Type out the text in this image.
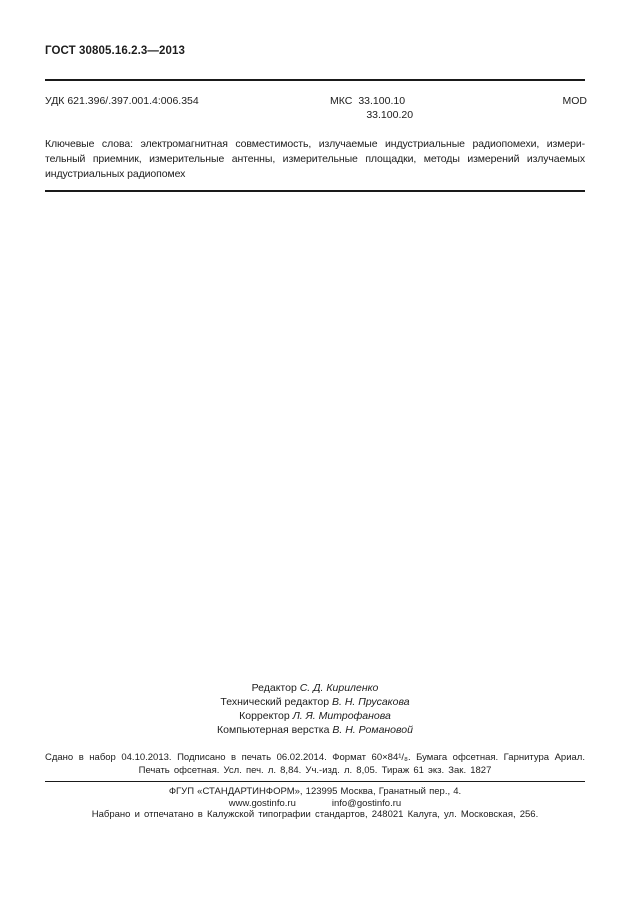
ГОСТ 30805.16.2.3—2013
УДК 621.396/.397.001.4:006.354	МКС 33.100.10
33.100.20
MOD
Ключевые слова: электромагнитная совместимость, излучаемые индустриальные радиопомехи, измери-
тельный приемник, измерительные антенны, измерительные площадки, методы измерений излучаемых
индустриальных радиопомех
Редактор С. Д. Кириленко
Технический редактор В. Н. Прусакова
Корректор Л. Я. Митрофанова
Компьютерная верстка В. Н. Романовой
Сдано в набор 04.10.2013. Подписано в печать 06.02.2014. Формат 60×84¹/₈. Бумага офсетная. Гарнитура Ариал.
Печать офсетная. Усл. печ. л. 8,84. Уч.-изд. л. 8,05. Тираж 61 экз. Зак. 1827
ФГУП «СТАНДАРТИНФОРМ», 123995 Москва, Гранатный пер., 4.
www.gostinfo.ru	info@gostinfo.ru
Набрано и отпечатано в Калужской типографии стандартов, 248021 Калуга, ул. Московская, 256.
